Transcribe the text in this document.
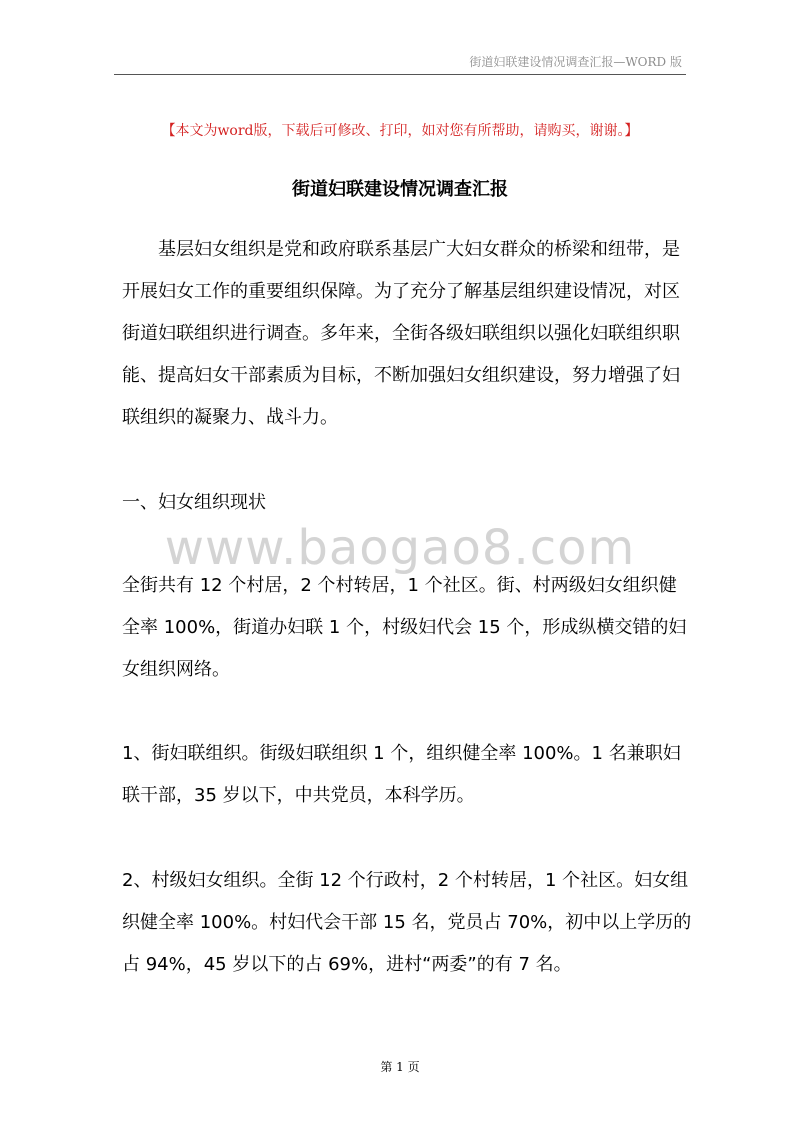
街道妇联建设情况调查汇报—WORD 版
【本文为word版，下载后可修改、打印，如对您有所帮助，请购买，谢谢。】
街道妇联建设情况调查汇报

基层妇女组织是党和政府联系基层广大妇女群众的桥梁和纽带，是开展妇女工作的重要组织保障。为了充分了解基层组织建设情况，对区街道妇联组织进行调查。多年来，全街各级妇联组织以强化妇联组织职能、提高妇女干部素质为目标，不断加强妇女组织建设，努力增强了妇联组织的凝聚力、战斗力。

一、妇女组织现状

www.baogao8.com

全街共有 12 个村居，2 个村转居，1 个社区。街、村两级妇女组织健全率 100%，街道办妇联 1 个，村级妇代会 15 个，形成纵横交错的妇女组织网络。

1、街妇联组织。街级妇联组织 1 个，组织健全率 100%。1 名兼职妇联干部，35 岁以下，中共党员，本科学历。

2、村级妇女组织。全街 12 个行政村，2 个村转居，1 个社区。妇女组织健全率 100%。村妇代会干部 15 名，党员占 70%，初中以上学历的占 94%，45 岁以下的占 69%，进村“两委”的有 7 名。

第 1 页
